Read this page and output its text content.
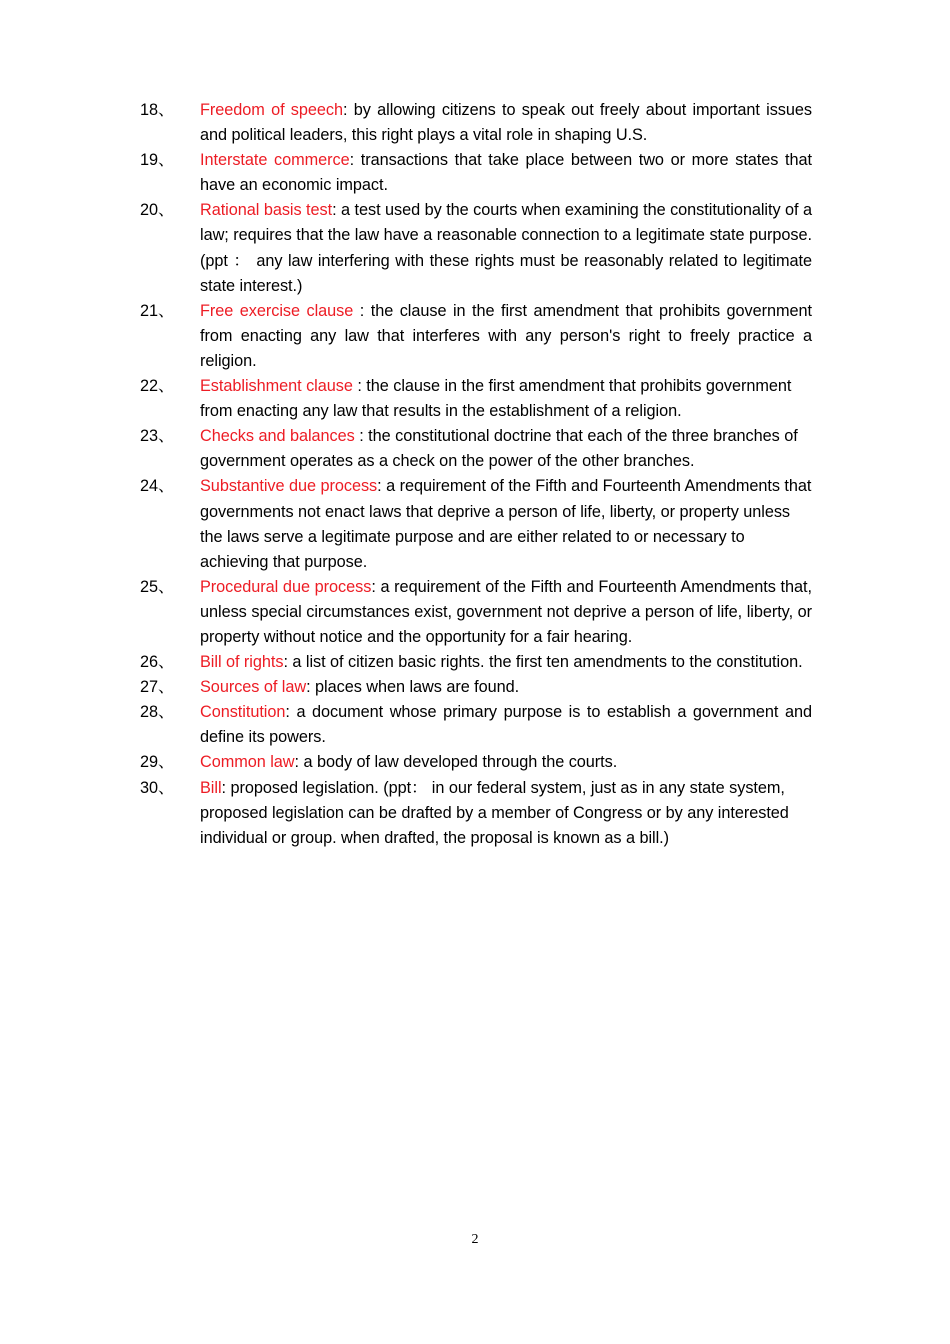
18、	Freedom of speech: by allowing citizens to speak out freely about important issues and political leaders, this right plays a vital role in shaping U.S.
19、	Interstate commerce: transactions that take place between two or more states that have an economic impact.
20、	Rational basis test: a test used by the courts when examining the constitutionality of a law; requires that the law have a reasonable connection to a legitimate state purpose. (ppt ： any law interfering with these rights must be reasonably related to legitimate state interest.)
21、	Free exercise clause : the clause in the first amendment that prohibits government from enacting any law that interferes with any person's right to freely practice a religion.
22、	Establishment clause : the clause in the first amendment that prohibits government from enacting any law that results in the establishment of a religion.
23、	Checks and balances : the constitutional doctrine that each of the three branches of government operates as a check on the power of the other branches.
24、	Substantive due process: a requirement of the Fifth and Fourteenth Amendments that governments not enact laws that deprive a person of life, liberty, or property unless the laws serve a legitimate purpose and are either related to or necessary to achieving that purpose.
25、	Procedural due process: a requirement of the Fifth and Fourteenth Amendments that, unless special circumstances exist, government not deprive a person of life, liberty, or property without notice and the opportunity for a fair hearing.
26、	Bill of rights: a list of citizen basic rights. the first ten amendments to the constitution.
27、	Sources of law: places when laws are found.
28、	Constitution: a document whose primary purpose is to establish a government and define its powers.
29、	Common law: a body of law developed through the courts.
30、	Bill: proposed legislation. (ppt： in our federal system, just as in any state system, proposed legislation can be drafted by a member of Congress or by any interested individual or group. when drafted, the proposal is known as a bill.)
2
